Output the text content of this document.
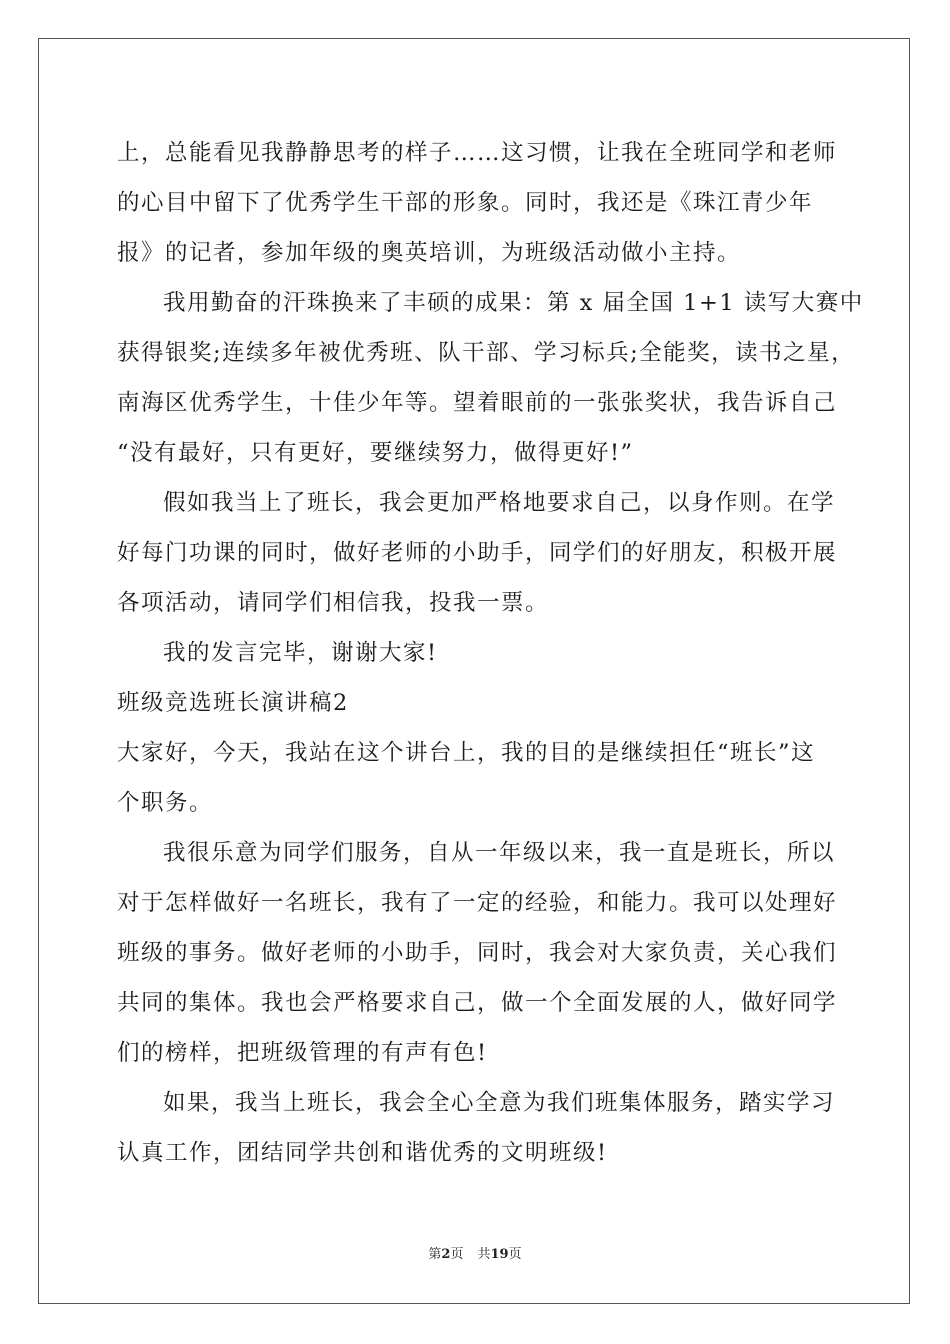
上，总能看见我静静思考的样子……这习惯，让我在全班同学和老师
的心目中留下了优秀学生干部的形象。同时，我还是《珠江青少年
报》的记者，参加年级的奥英培训，为班级活动做小主持。
我用勤奋的汗珠换来了丰硕的成果：第 x 届全国 1+1 读写大赛中
获得银奖;连续多年被优秀班、队干部、学习标兵;全能奖，读书之星，
南海区优秀学生，十佳少年等。望着眼前的一张张奖状，我告诉自己
“没有最好，只有更好，要继续努力，做得更好!”
假如我当上了班长，我会更加严格地要求自己，以身作则。在学
好每门功课的同时，做好老师的小助手，同学们的好朋友，积极开展
各项活动，请同学们相信我，投我一票。
我的发言完毕，谢谢大家!
班级竞选班长演讲稿2
大家好，今天，我站在这个讲台上，我的目的是继续担任“班长”这
个职务。
我很乐意为同学们服务，自从一年级以来，我一直是班长，所以
对于怎样做好一名班长，我有了一定的经验，和能力。我可以处理好
班级的事务。做好老师的小助手，同时，我会对大家负责，关心我们
共同的集体。我也会严格要求自己，做一个全面发展的人，做好同学
们的榜样，把班级管理的有声有色!
如果，我当上班长，我会全心全意为我们班集体服务，踏实学习
认真工作，团结同学共创和谐优秀的文明班级!
第2页 共19页
